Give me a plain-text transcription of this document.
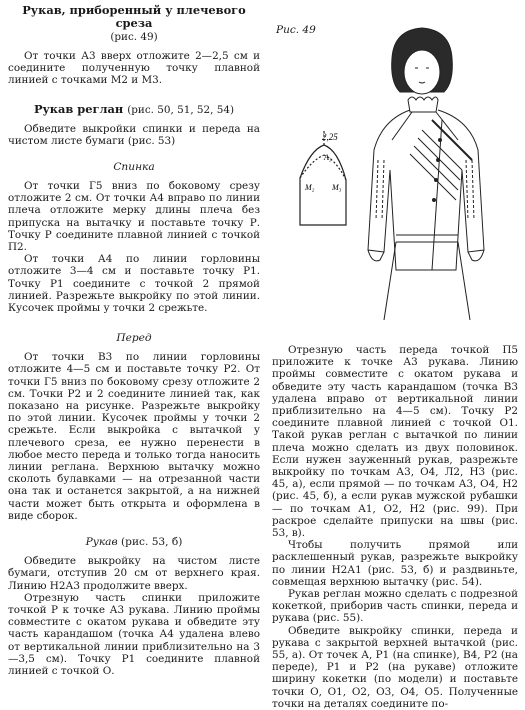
Рукав, прибоpенный у плечевого среза
(рис. 49)

От точки А3 вверх отложите 2—2,5 см и соедините полученную точку плавной линией с точками М2 и М3.

Рукав реглан (рис. 50, 51, 52, 54)

Обведите выкройки спинки и переда на чистом листе бумаги (рис. 53)

Спинка

От точки Г5 вниз по боковому срезу отложите 2 см. От точки А4 вправо по линии плеча отложите мерку длины плеча без припуска на вытачку и поставьте точку Р. Точку Р соедините плавной линией с точкой П2.

От точки А4 по линии горловины отложите 3—4 см и поставьте точку Р1. Точку Р1 соедините с точкой 2 прямой линией. Разрежьте выкройку по этой линии. Кусочек проймы у точки 2 срежьте.

Перед

От точки В3 по линии горловины отложите 4—5 см и поставьте точку Р2. От точки Г5 вниз по боковому срезу отложите 2 см. Точки Р2 и 2 соедините линией так, как показано на рисунке. Разрежьте выкройку по этой линии. Кусочек проймы у точки 2 срежьте. Если выкройка с вытачкой у плечевого среза, ее нужно перенести в любое место переда и только тогда наносить линии реглана. Верхнюю вытачку можно сколоть булавками — на отрезанной части она так и останется закрытой, а на нижней части может быть открыта и оформлена в виде сборок.

Рукав (рис. 53, б)

Обведите выкройку на чистом листе бумаги, отступив 20 см от верхнего края. Линию Н2А3 продолжите вверх.

Отрезную часть спинки приложите точкой Р к точке А3 рукава. Линию проймы совместите с окатом рукава и обведите эту часть карандашом (точка А4 удалена влево от вертикальной линии приблизительно на 3—3,5 см). Точку Р1 соедините плавной линией с точкой О.

Рис. 49
2,25
A₃
M₂ M₃

Отрезную часть переда точкой П5 приложите к точке А3 рукава. Линию проймы совместите с окатом рукава и обведите эту часть карандашом (точка В3 удалена вправо от вертикальной линии приблизительно на 4—5 см). Точку Р2 соедините плавной линией с точкой О1. Такой рукав реглан с вытачкой по линии плеча можно сделать из двух половинок. Если нужен зауженный рукав, разрежьте выкройку по точкам А3, О4, Л2, Н3 (рис. 45, а), если прямой — по точкам А3, О4, Н2 (рис. 45, б), а если рукав мужской рубашки — по точкам А1, О2, Н2 (рис. 99). При раскрое сделайте припуски на швы (рис. 53, в).

Чтобы получить прямой или расклешенный рукав, разрежьте выкройку по линии Н2А1 (рис. 53, б) и раздвиньте, совмещая верхнюю вытачку (рис. 54).

Рукав реглан можно сделать с подрезной кокеткой, приборив часть спинки, переда и рукава (рис. 55).

Обведите выкройку спинки, переда и рукава с закрытой верхней вытачкой (рис. 55, а). От точек А, Р1 (на спинке), В4, Р2 (на переде), Р1 и Р2 (на рукаве) отложите ширину кокетки (по модели) и поставьте точки О, О1, О2, О3, О4, О5. Полученные точки на деталях соедините по-
